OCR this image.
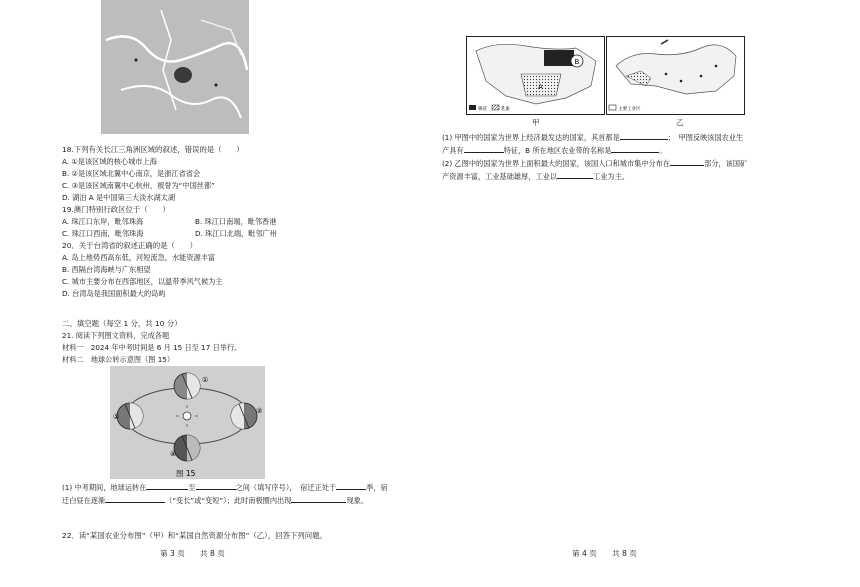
18.下列有关长江三角洲区域的叙述，错误的是（　　）
A. ①是该区域的核心城市上海
B. ②是该区域北翼中心南京，是浙江省省会
C. ③是该区域南翼中心杭州，被誉为“中国丝都”
D. 湖泊 A 是中国第三大淡水湖太湖
19.澳门特别行政区位于（　　）
A. 珠江口东岸，毗邻珠海	B. 珠江口南端，毗邻香港
C. 珠江口西南，毗邻珠海	D. 珠江口北端，毗邻广州
20．关于台湾省的叙述正确的是（　　）
A. 岛上地势西高东低，河短流急，水能资源丰富
B. 西隔台湾海峡与广东相望
C. 城市主要分布在西部地区，以温带季风气候为主
D. 台湾岛是我国面积最大的岛屿
二、填空题（每空 1 分，共 10 分）
21. 阅读下列图文资料，完成各题
材料一　2024 年中考时间是 6 月 15 日至 17 日举行。
材料二　地球公转示意图（图 15）
①
②
③
④
图 15
(1) 中考期间，地球运转在	至	之间（填写序号），　宿迁正处于	季，宿
迁白昼在逐渐	（“变长”或“变短”）；此时南极圈内出现	现象。
22．读“某国农业分布图”（甲）和“某国自然资源分布图”（乙），回答下列问题。
第 3 页　　共 8 页
B
A
棉花	乳畜	主要工业区
甲	乙
(1) 甲图中的国家为世界上经济最发达的国家，其首都是	；　甲图反映该国农业生
产具有	特征，B 所在地区农业带的名称是	。
(2) 乙图中的国家为世界上面积最大的国家，该国人口和城市集中分布在	部分，该国矿
产资源丰富，工业基础雄厚，工业以	工业为主。
第 4 页　　共 8 页
